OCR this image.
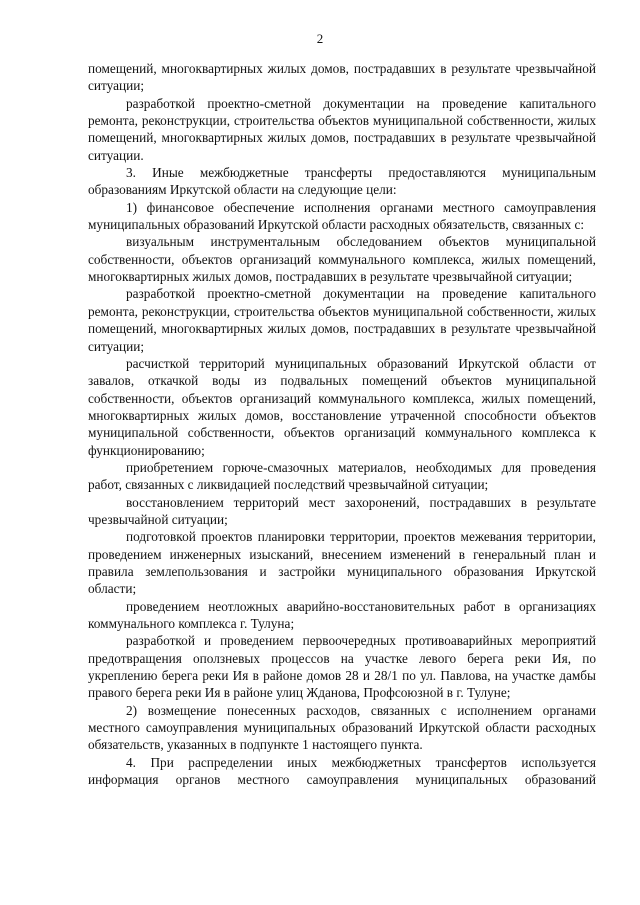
2

помещений, многоквартирных жилых домов, пострадавших в результате чрезвычайной ситуации;

разработкой проектно-сметной документации на проведение капитального ремонта, реконструкции, строительства объектов муниципальной собственности, жилых помещений, многоквартирных жилых домов, пострадавших в результате чрезвычайной ситуации.

3. Иные межбюджетные трансферты предоставляются муниципальным образованиям Иркутской области на следующие цели:

1) финансовое обеспечение исполнения органами местного самоуправления муниципальных образований Иркутской области расходных обязательств, связанных с:

визуальным инструментальным обследованием объектов муниципальной собственности, объектов организаций коммунального комплекса, жилых помещений, многоквартирных жилых домов, пострадавших в результате чрезвычайной ситуации;

разработкой проектно-сметной документации на проведение капитального ремонта, реконструкции, строительства объектов муниципальной собственности, жилых помещений, многоквартирных жилых домов, пострадавших в результате чрезвычайной ситуации;

расчисткой территорий муниципальных образований Иркутской области от завалов, откачкой воды из подвальных помещений объектов муниципальной собственности, объектов организаций коммунального комплекса, жилых помещений, многоквартирных жилых домов, восстановление утраченной способности объектов муниципальной собственности, объектов организаций коммунального комплекса к функционированию;

приобретением горюче-смазочных материалов, необходимых для проведения работ, связанных с ликвидацией последствий чрезвычайной ситуации;

восстановлением территорий мест захоронений, пострадавших в результате чрезвычайной ситуации;

подготовкой проектов планировки территории, проектов межевания территории, проведением инженерных изысканий, внесением изменений в генеральный план и правила землепользования и застройки муниципального образования Иркутской области;

проведением неотложных аварийно-восстановительных работ в организациях коммунального комплекса г. Тулуна;

разработкой и проведением первоочередных противоаварийных мероприятий предотвращения оползневых процессов на участке левого берега реки Ия, по укреплению берега реки Ия в районе домов 28 и 28/1 по ул. Павлова, на участке дамбы правого берега реки Ия в районе улиц Жданова, Профсоюзной в г. Тулуне;

2) возмещение понесенных расходов, связанных с исполнением органами местного самоуправления муниципальных образований Иркутской области расходных обязательств, указанных в подпункте 1 настоящего пункта.

4. При распределении иных межбюджетных трансфертов используется информация органов местного самоуправления муниципальных образований
